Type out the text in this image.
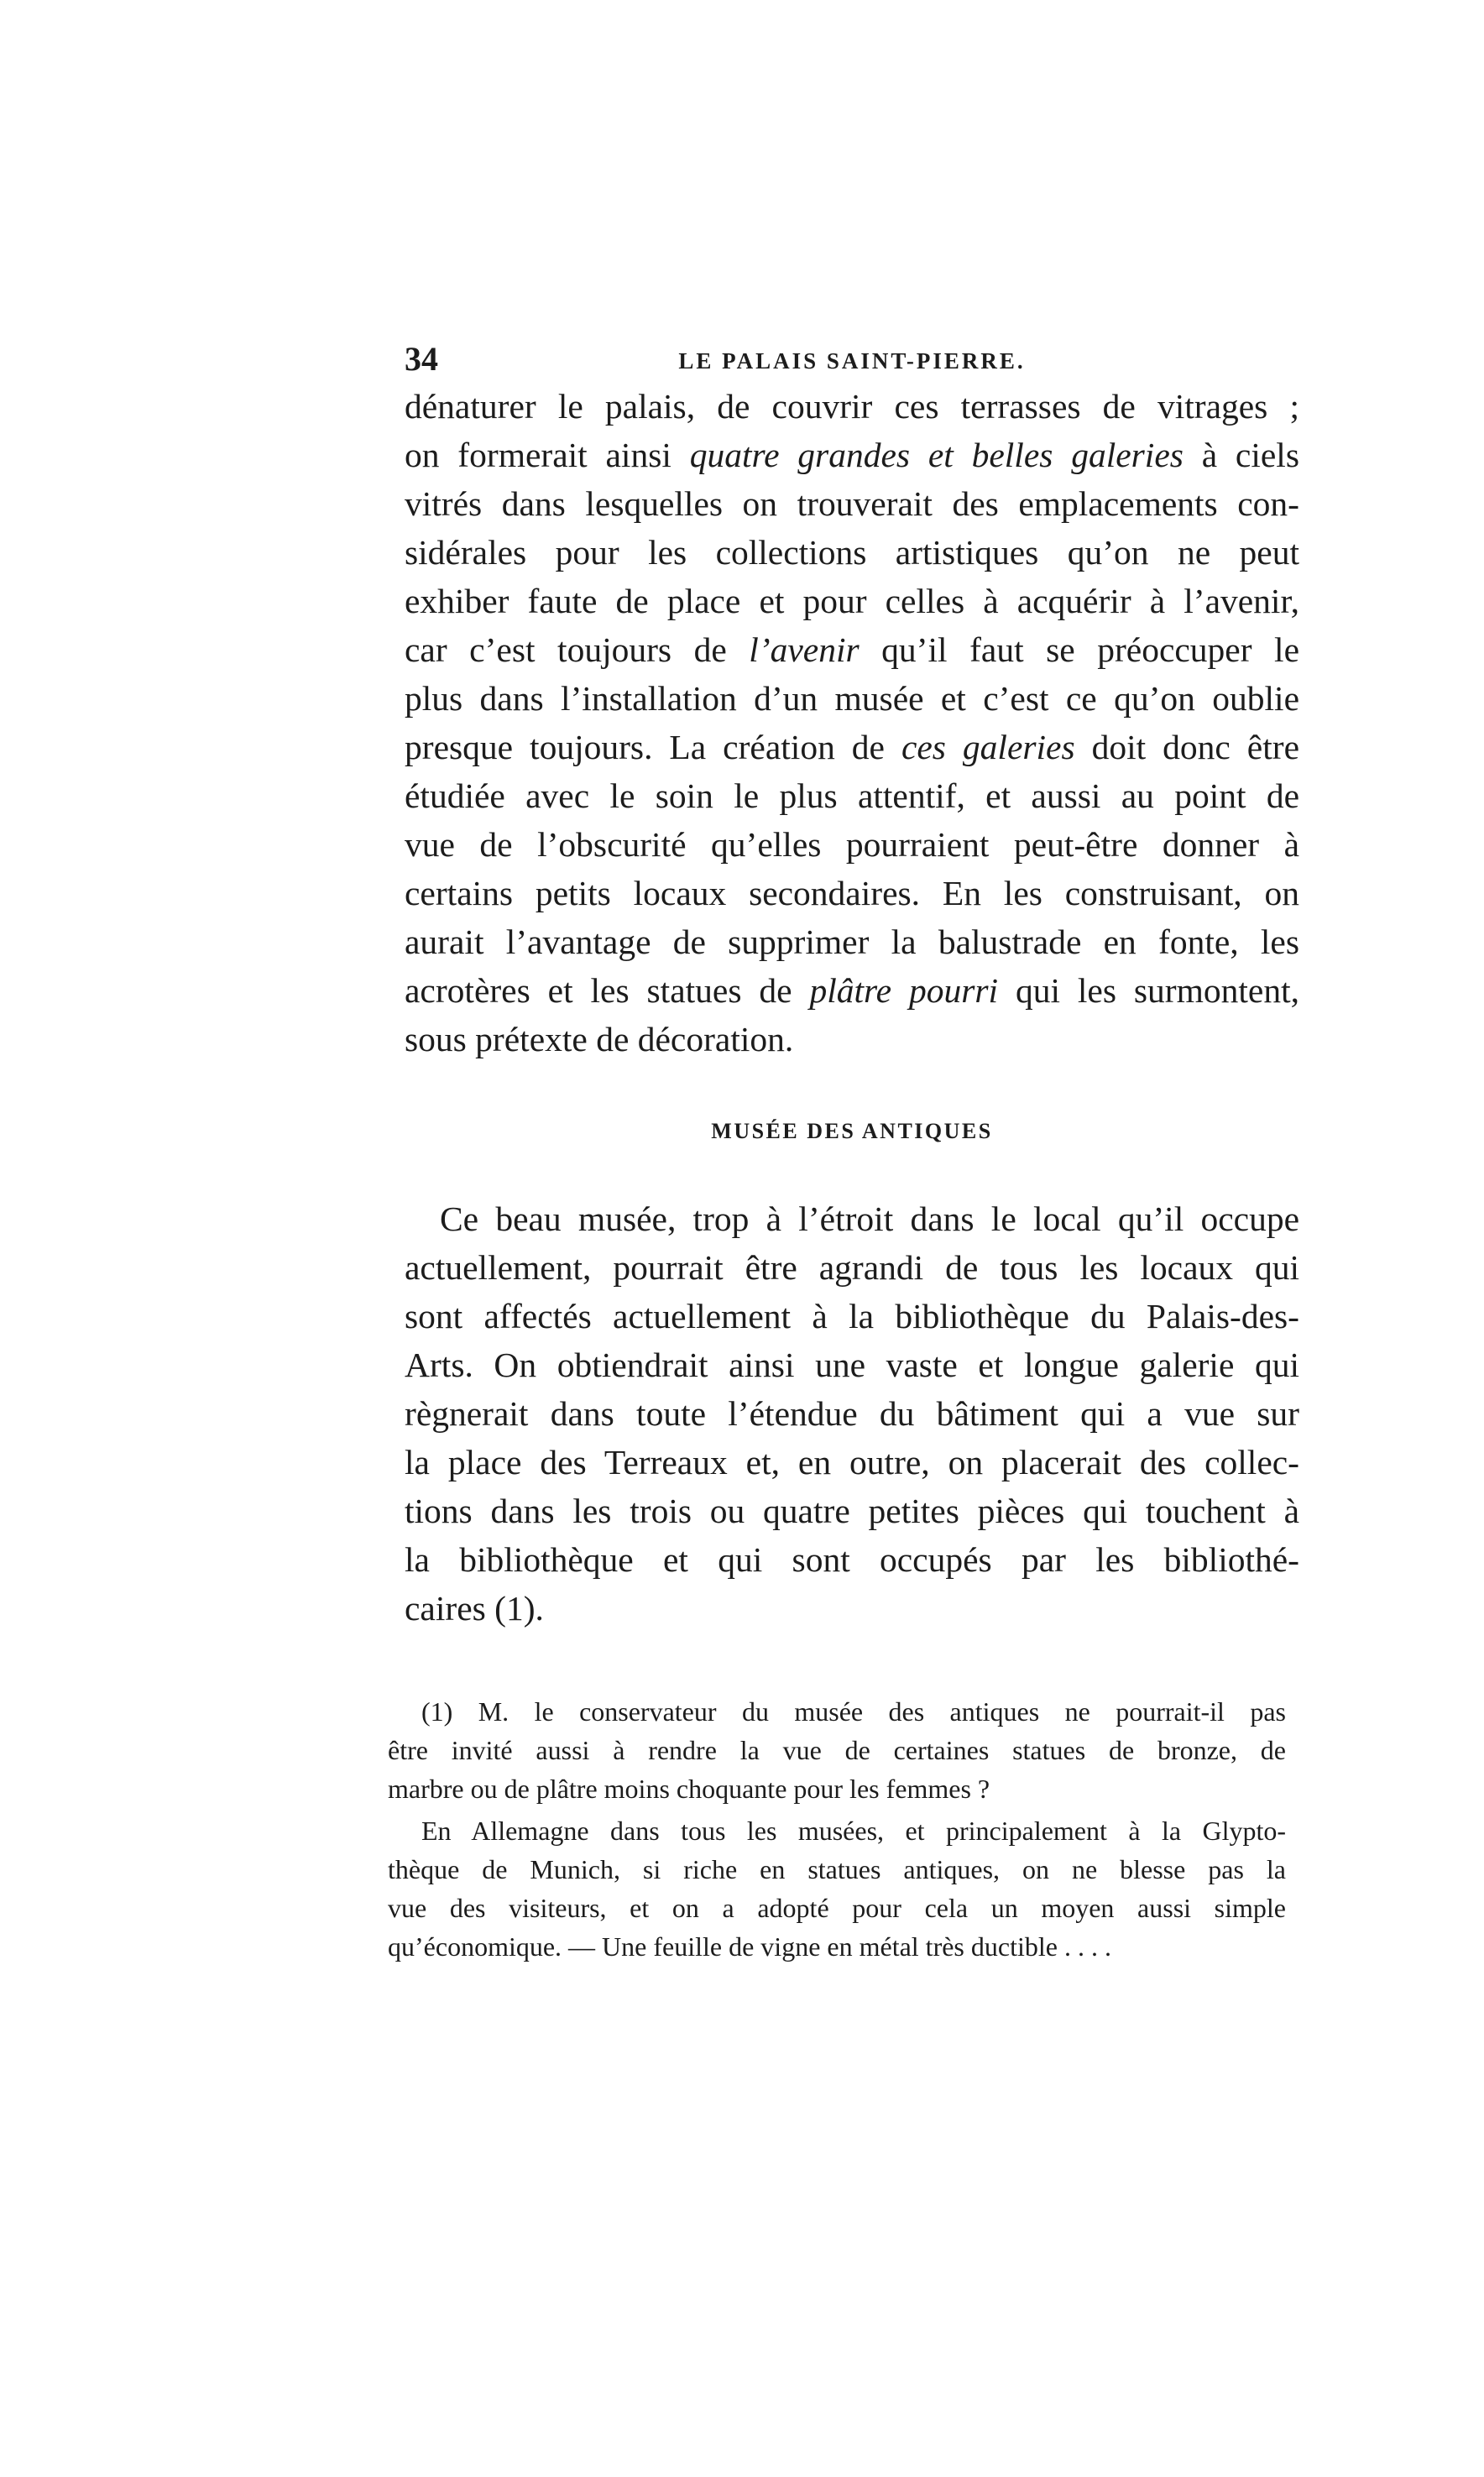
34	LE PALAIS SAINT-PIERRE.
dénaturer le palais, de couvrir ces terrasses de vitrages ;
on formerait ainsi quatre grandes et belles galeries à ciels
vitrés dans lesquelles on trouverait des emplacements con-
sidérales pour les collections artistiques qu’on ne peut
exhiber faute de place et pour celles à acquérir à l’avenir,
car c’est toujours de l’avenir qu’il faut se préoccuper le
plus dans l’installation d’un musée et c’est ce qu’on oublie
presque toujours. La création de ces galeries doit donc être
étudiée avec le soin le plus attentif, et aussi au point de
vue de l’obscurité qu’elles pourraient peut-être donner à
certains petits locaux secondaires. En les construisant, on
aurait l’avantage de supprimer la balustrade en fonte, les
acrotères et les statues de plâtre pourri qui les surmontent,
sous prétexte de décoration.
MUSÉE DES ANTIQUES
Ce beau musée, trop à l’étroit dans le local qu’il occupe
actuellement, pourrait être agrandi de tous les locaux qui
sont affectés actuellement à la bibliothèque du Palais-des-
Arts. On obtiendrait ainsi une vaste et longue galerie qui
règnerait dans toute l’étendue du bâtiment qui a vue sur
la place des Terreaux et, en outre, on placerait des collec-
tions dans les trois ou quatre petites pièces qui touchent à
la bibliothèque et qui sont occupés par les bibliothé-
caires (1).
(1) M. le conservateur du musée des antiques ne pourrait-il pas
être invité aussi à rendre la vue de certaines statues de bronze, de
marbre ou de plâtre moins choquante pour les femmes ?
En Allemagne dans tous les musées, et principalement à la Glypto-
thèque de Munich, si riche en statues antiques, on ne blesse pas la
vue des visiteurs, et on a adopté pour cela un moyen aussi simple
qu’économique. — Une feuille de vigne en métal très ductible . . . .
